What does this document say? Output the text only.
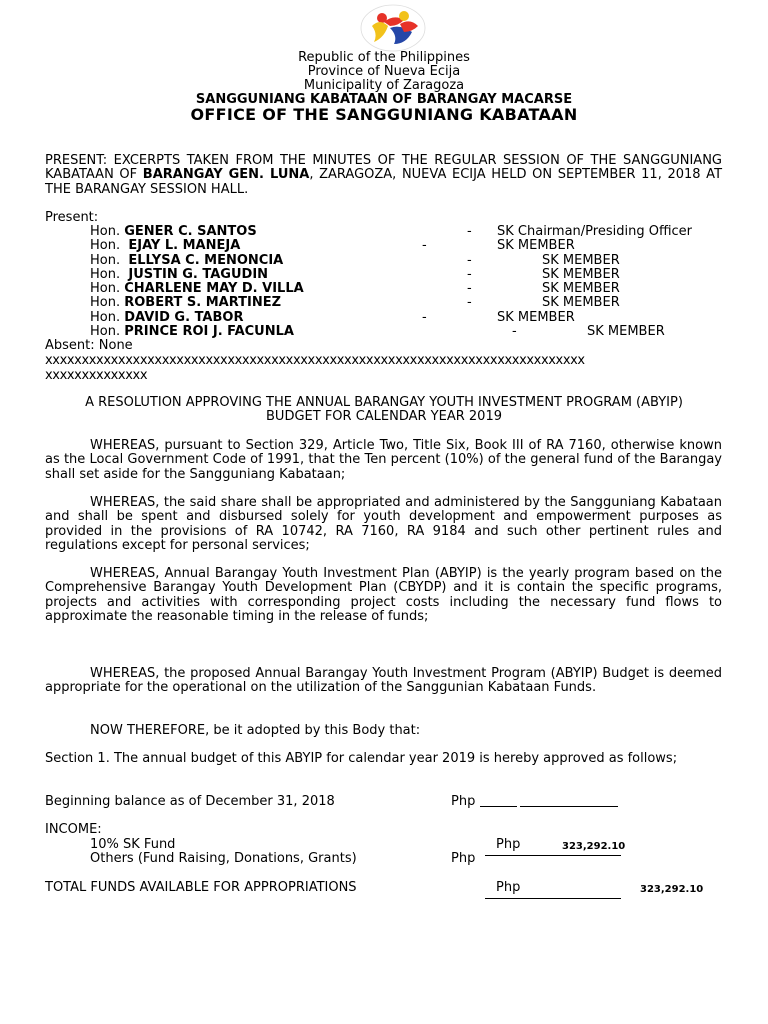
Republic of the Philippines
Province of Nueva Ecija
Municipality of Zaragoza
SANGGUNIANG KABATAAN OF BARANGAY MACARSE
OFFICE OF THE SANGGUNIANG KABATAAN
PRESENT: EXCERPTS TAKEN FROM THE MINUTES OF THE REGULAR SESSION OF THE SANGGUNIANG KABATAAN OF BARANGAY GEN. LUNA, ZARAGOZA, NUEVA ECIJA HELD ON SEPTEMBER 11, 2018 AT THE BARANGAY SESSION HALL.
Present:
Hon. GENER C. SANTOS	- SK Chairman/Presiding Officer
Hon. EJAY L. MANEJA	-	SK MEMBER
Hon. ELLYSA C. MENONCIA	-	SK MEMBER
Hon. JUSTIN G. TAGUDIN	-	SK MEMBER
Hon. CHARLENE MAY D. VILLA	-	SK MEMBER
Hon. ROBERT S. MARTINEZ	-	SK MEMBER
Hon. DAVID G. TABOR	-	SK MEMBER
Hon. PRINCE ROI J. FACUNLA	-	SK MEMBER
Absent: None
xxxxxxxxxxxxxxxxxxxxxxxxxxxxxxxxxxxxxxxxxxxxxxxxxxxxxxxxxxxxxxxxxxxxxxxxxx
xxxxxxxxxxxxxx
A RESOLUTION APPROVING THE ANNUAL BARANGAY YOUTH INVESTMENT PROGRAM (ABYIP) BUDGET FOR CALENDAR YEAR 2019
WHEREAS, pursuant to Section 329, Article Two, Title Six, Book III of RA 7160, otherwise known as the Local Government Code of 1991, that the Ten percent (10%) of the general fund of the Barangay shall set aside for the Sangguniang Kabataan;
WHEREAS, the said share shall be appropriated and administered by the Sangguniang Kabataan and shall be spent and disbursed solely for youth development and empowerment purposes as provided in the provisions of RA 10742, RA 7160, RA 9184 and such other pertinent rules and regulations except for personal services;
WHEREAS, Annual Barangay Youth Investment Plan (ABYIP) is the yearly program based on the Comprehensive Barangay Youth Development Plan (CBYDP) and it is contain the specific programs, projects and activities with corresponding project costs including the necessary fund flows to approximate the reasonable timing in the release of funds;
WHEREAS, the proposed Annual Barangay Youth Investment Program (ABYIP) Budget is deemed appropriate for the operational on the utilization of the Sanggunian Kabataan Funds.
NOW THEREFORE, be it adopted by this Body that:
Section 1. The annual budget of this ABYIP for calendar year 2019 is hereby approved as follows;
Beginning balance as of December 31, 2018	Php
INCOME:
10% SK Fund	Php	323,292.10
Others (Fund Raising, Donations, Grants)	Php
TOTAL FUNDS AVAILABLE FOR APPROPRIATIONS	Php	323,292.10
